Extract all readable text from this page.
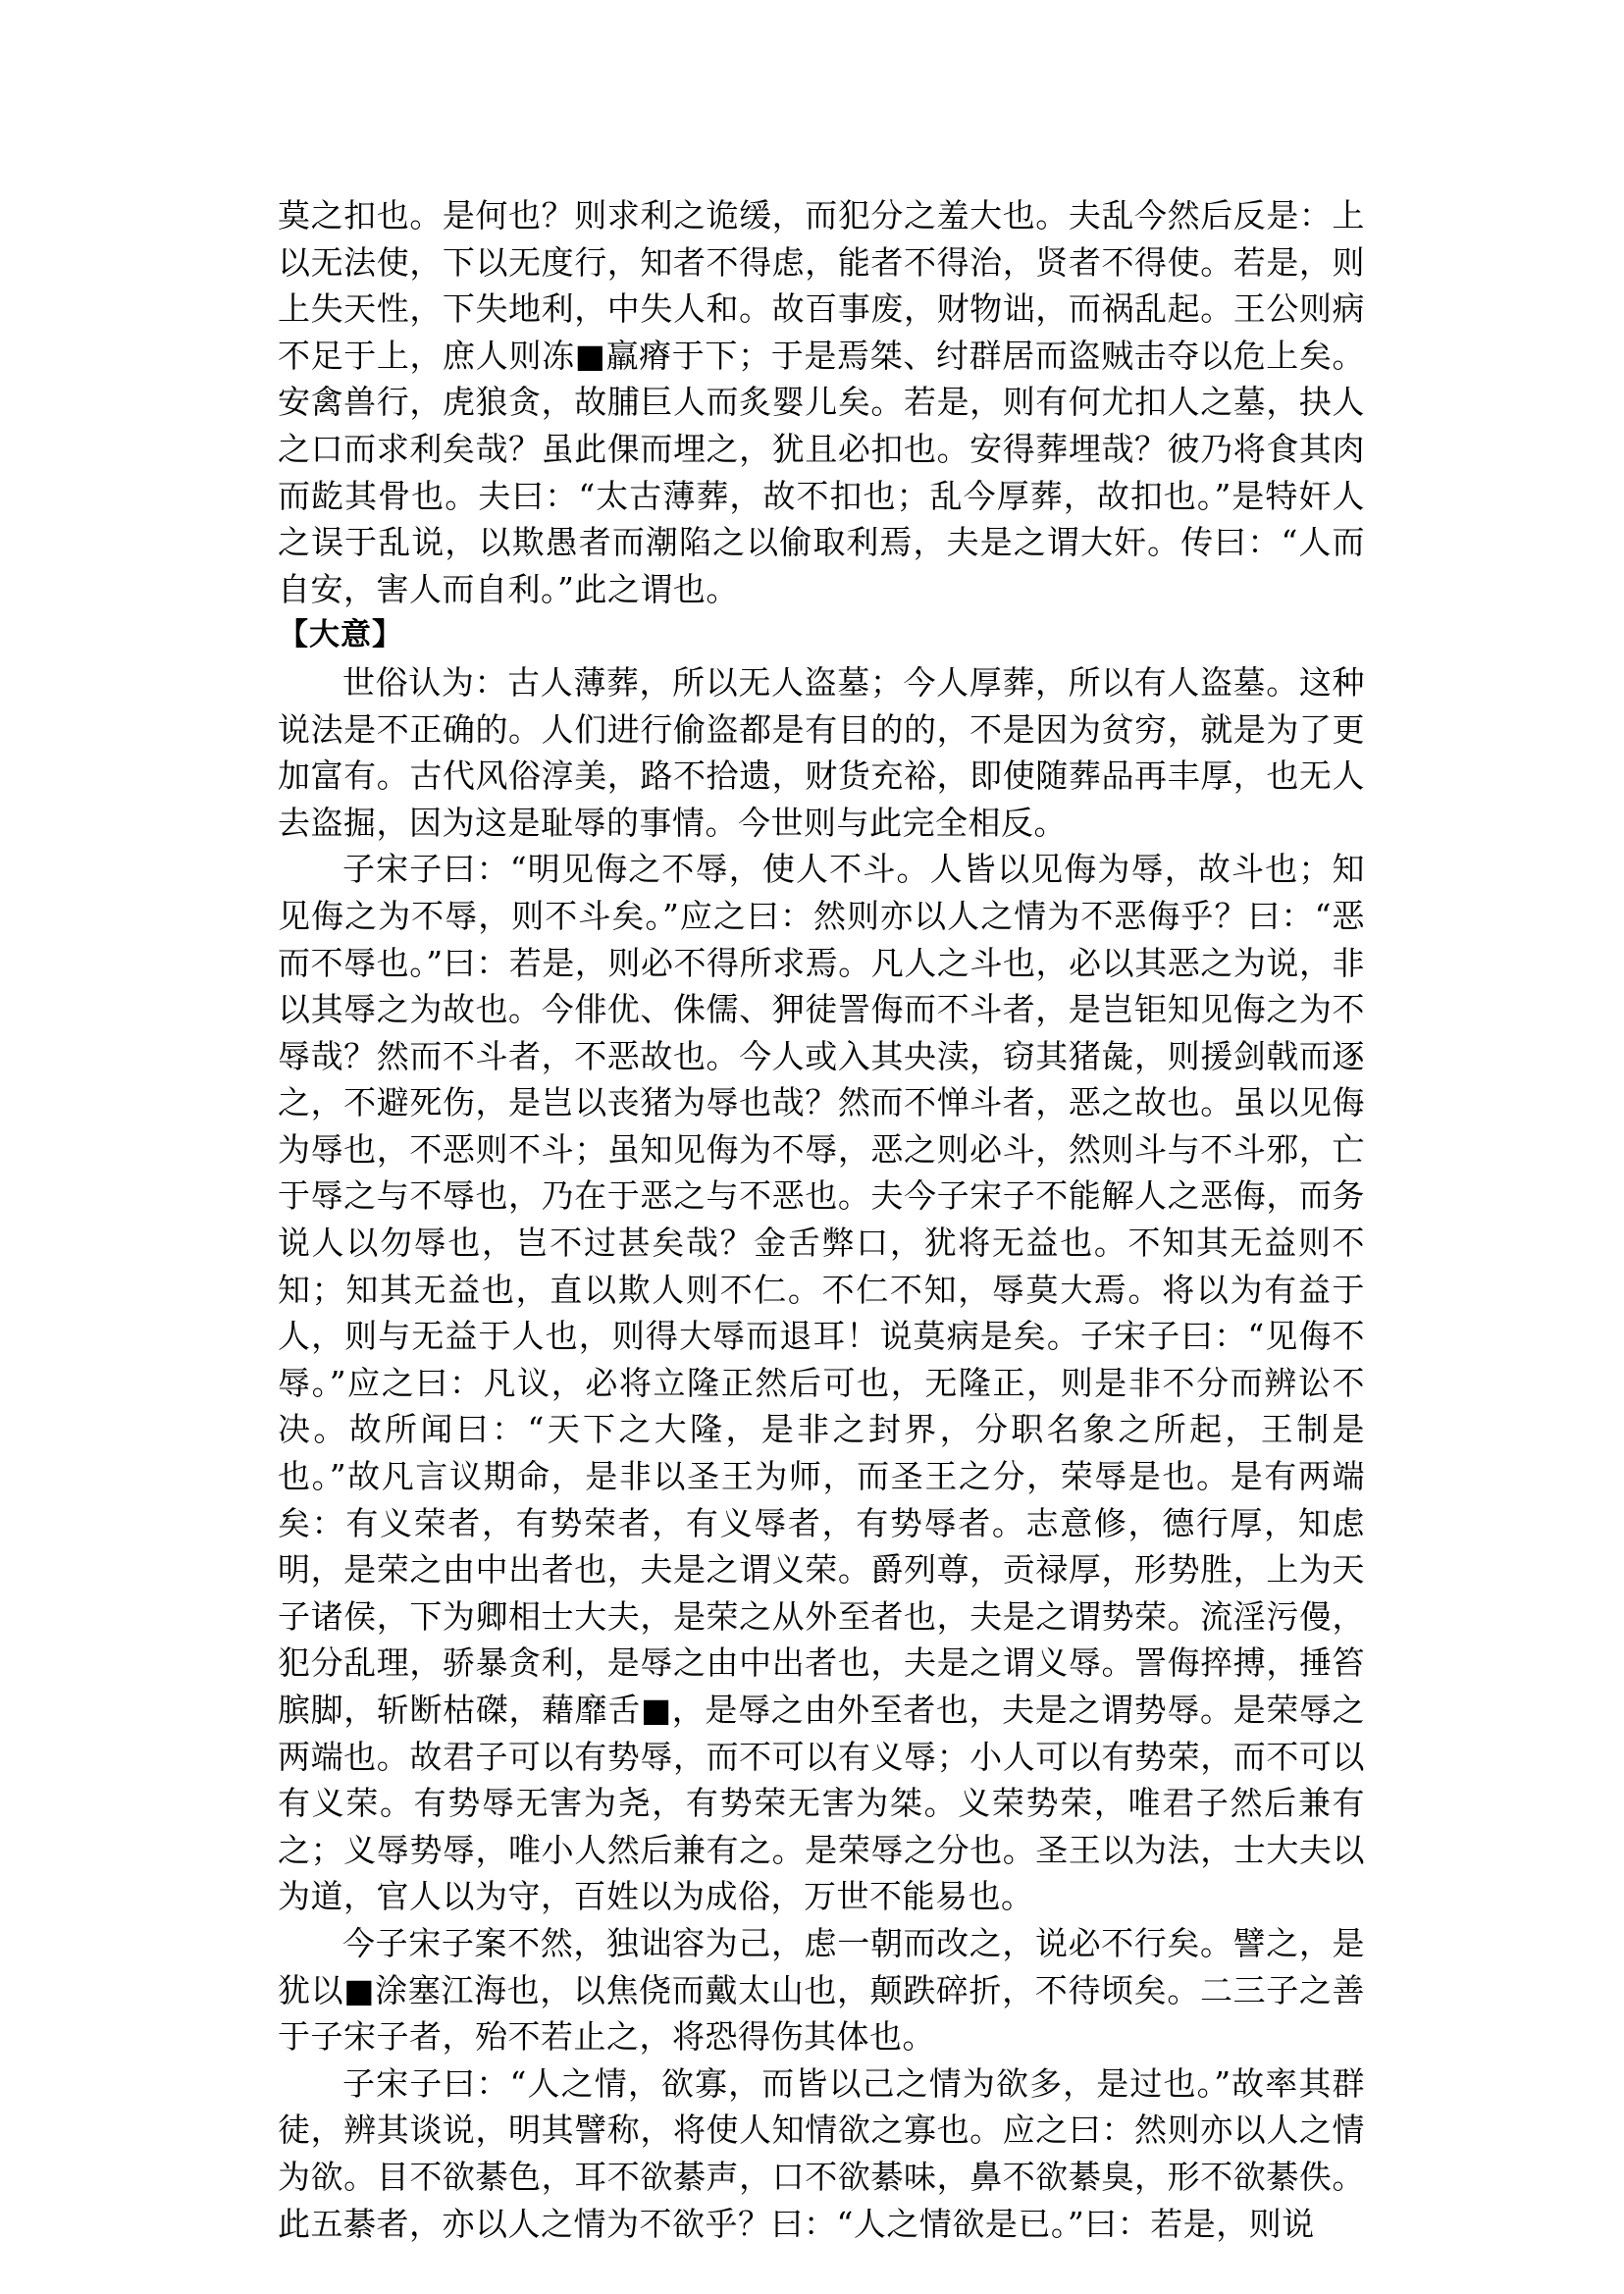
莫之扣也。是何也？则求利之诡缓，而犯分之羞大也。夫乱今然后反是：上以无法使，下以无度行，知者不得虑，能者不得治，贤者不得使。若是，则上失天性，下失地利，中失人和。故百事废，财物诎，而祸乱起。王公则病不足于上，庶人则冻■羸瘠于下；于是焉桀、纣群居而盗贼击夺以危上矣。安禽兽行，虎狼贪，故脯巨人而炙婴儿矣。若是，则有何尤扣人之墓，抉人之口而求利矣哉？虽此倮而埋之，犹且必扣也。安得葬埋哉？彼乃将食其肉而龁其骨也。夫曰：“太古薄葬，故不扣也；乱今厚葬，故扣也。”是特奸人之误于乱说，以欺愚者而潮陷之以偷取利焉，夫是之谓大奸。传曰：“人而自安，害人而自利。”此之谓也。

【大意】

世俗认为：古人薄葬，所以无人盗墓；今人厚葬，所以有人盗墓。这种说法是不正确的。人们进行偷盗都是有目的的，不是因为贫穷，就是为了更加富有。古代风俗淳美，路不拾遗，财货充裕，即使随葬品再丰厚，也无人去盗掘，因为这是耻辱的事情。今世则与此完全相反。

子宋子曰：“明见侮之不辱，使人不斗。人皆以见侮为辱，故斗也；知见侮之为不辱，则不斗矣。”应之曰：然则亦以人之情为不恶侮乎？曰：“恶而不辱也。”曰：若是，则必不得所求焉。凡人之斗也，必以其恶之为说，非以其辱之为故也。今俳优、侏儒、狎徒詈侮而不斗者，是岂钜知见侮之为不辱哉？然而不斗者，不恶故也。今人或入其央渎，窃其猪彘，则援剑戟而逐之，不避死伤，是岂以丧猪为辱也哉？然而不惮斗者，恶之故也。虽以见侮为辱也，不恶则不斗；虽知见侮为不辱，恶之则必斗，然则斗与不斗邪，亡于辱之与不辱也，乃在于恶之与不恶也。夫今子宋子不能解人之恶侮，而务说人以勿辱也，岂不过甚矣哉？金舌弊口，犹将无益也。不知其无益则不知；知其无益也，直以欺人则不仁。不仁不知，辱莫大焉。将以为有益于人，则与无益于人也，则得大辱而退耳！说莫病是矣。子宋子曰：“见侮不辱。”应之曰：凡议，必将立隆正然后可也，无隆正，则是非不分而辨讼不决。故所闻曰：“天下之大隆，是非之封界，分职名象之所起，王制是也。”故凡言议期命，是非以圣王为师，而圣王之分，荣辱是也。是有两端矣：有义荣者，有势荣者，有义辱者，有势辱者。志意修，德行厚，知虑明，是荣之由中出者也，夫是之谓义荣。爵列尊，贡禄厚，形势胜，上为天子诸侯，下为卿相士大夫，是荣之从外至者也，夫是之谓势荣。流淫污僈，犯分乱理，骄暴贪利，是辱之由中出者也，夫是之谓义辱。詈侮捽搏，捶笞膑脚，斩断枯磔，藉靡舌■，是辱之由外至者也，夫是之谓势辱。是荣辱之两端也。故君子可以有势辱，而不可以有义辱；小人可以有势荣，而不可以有义荣。有势辱无害为尧，有势荣无害为桀。义荣势荣，唯君子然后兼有之；义辱势辱，唯小人然后兼有之。是荣辱之分也。圣王以为法，士大夫以为道，官人以为守，百姓以为成俗，万世不能易也。

今子宋子案不然，独诎容为己，虑一朝而改之，说必不行矣。譬之，是犹以■涂塞江海也，以焦侥而戴太山也，颠跌碎折，不待顷矣。二三子之善于子宋子者，殆不若止之，将恐得伤其体也。

子宋子曰：“人之情，欲寡，而皆以己之情为欲多，是过也。”故率其群徒，辨其谈说，明其譬称，将使人知情欲之寡也。应之曰：然则亦以人之情为欲。目不欲綦色，耳不欲綦声，口不欲綦味，鼻不欲綦臭，形不欲綦佚。此五綦者，亦以人之情为不欲乎？曰：“人之情欲是已。”曰：若是，则说
